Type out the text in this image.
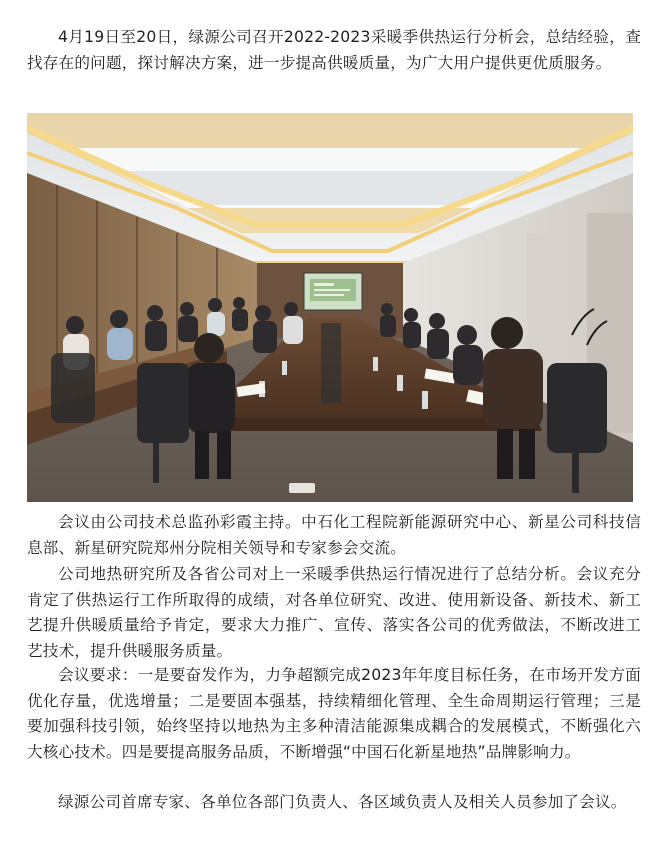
4月19日至20日，绿源公司召开2022-2023采暖季供热运行分析会，总结经验，查找存在的问题，探讨解决方案，进一步提高供暖质量，为广大用户提供更优质服务。

会议由公司技术总监孙彩霞主持。中石化工程院新能源研究中心、新星公司科技信息部、新星研究院郑州分院相关领导和专家参会交流。

公司地热研究所及各省公司对上一采暖季供热运行情况进行了总结分析。会议充分肯定了供热运行工作所取得的成绩，对各单位研究、改进、使用新设备、新技术、新工艺提升供暖质量给予肯定，要求大力推广、宣传、落实各公司的优秀做法，不断改进工艺技术，提升供暖服务质量。

会议要求：一是要奋发作为，力争超额完成2023年年度目标任务，在市场开发方面优化存量，优选增量；二是要固本强基，持续精细化管理、全生命周期运行管理；三是要加强科技引领，始终坚持以地热为主多种清洁能源集成耦合的发展模式，不断强化六大核心技术。四是要提高服务品质，不断增强“中国石化新星地热”品牌影响力。

绿源公司首席专家、各单位各部门负责人、各区域负责人及相关人员参加了会议。
